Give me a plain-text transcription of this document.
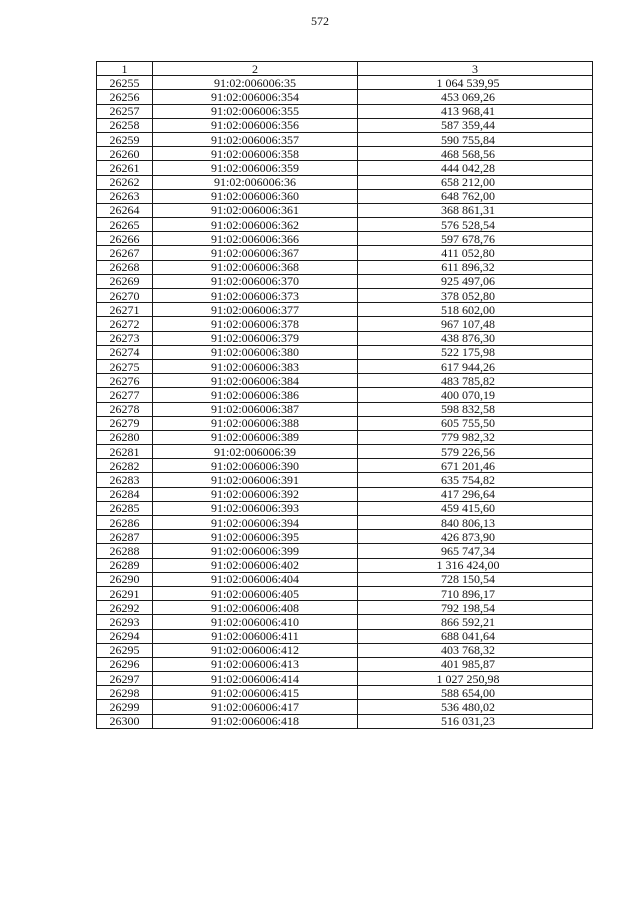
572
1	2	3
26255	91:02:006006:35	1 064 539,95
26256	91:02:006006:354	453 069,26
26257	91:02:006006:355	413 968,41
26258	91:02:006006:356	587 359,44
26259	91:02:006006:357	590 755,84
26260	91:02:006006:358	468 568,56
26261	91:02:006006:359	444 042,28
26262	91:02:006006:36	658 212,00
26263	91:02:006006:360	648 762,00
26264	91:02:006006:361	368 861,31
26265	91:02:006006:362	576 528,54
26266	91:02:006006:366	597 678,76
26267	91:02:006006:367	411 052,80
26268	91:02:006006:368	611 896,32
26269	91:02:006006:370	925 497,06
26270	91:02:006006:373	378 052,80
26271	91:02:006006:377	518 602,00
26272	91:02:006006:378	967 107,48
26273	91:02:006006:379	438 876,30
26274	91:02:006006:380	522 175,98
26275	91:02:006006:383	617 944,26
26276	91:02:006006:384	483 785,82
26277	91:02:006006:386	400 070,19
26278	91:02:006006:387	598 832,58
26279	91:02:006006:388	605 755,50
26280	91:02:006006:389	779 982,32
26281	91:02:006006:39	579 226,56
26282	91:02:006006:390	671 201,46
26283	91:02:006006:391	635 754,82
26284	91:02:006006:392	417 296,64
26285	91:02:006006:393	459 415,60
26286	91:02:006006:394	840 806,13
26287	91:02:006006:395	426 873,90
26288	91:02:006006:399	965 747,34
26289	91:02:006006:402	1 316 424,00
26290	91:02:006006:404	728 150,54
26291	91:02:006006:405	710 896,17
26292	91:02:006006:408	792 198,54
26293	91:02:006006:410	866 592,21
26294	91:02:006006:411	688 041,64
26295	91:02:006006:412	403 768,32
26296	91:02:006006:413	401 985,87
26297	91:02:006006:414	1 027 250,98
26298	91:02:006006:415	588 654,00
26299	91:02:006006:417	536 480,02
26300	91:02:006006:418	516 031,23
